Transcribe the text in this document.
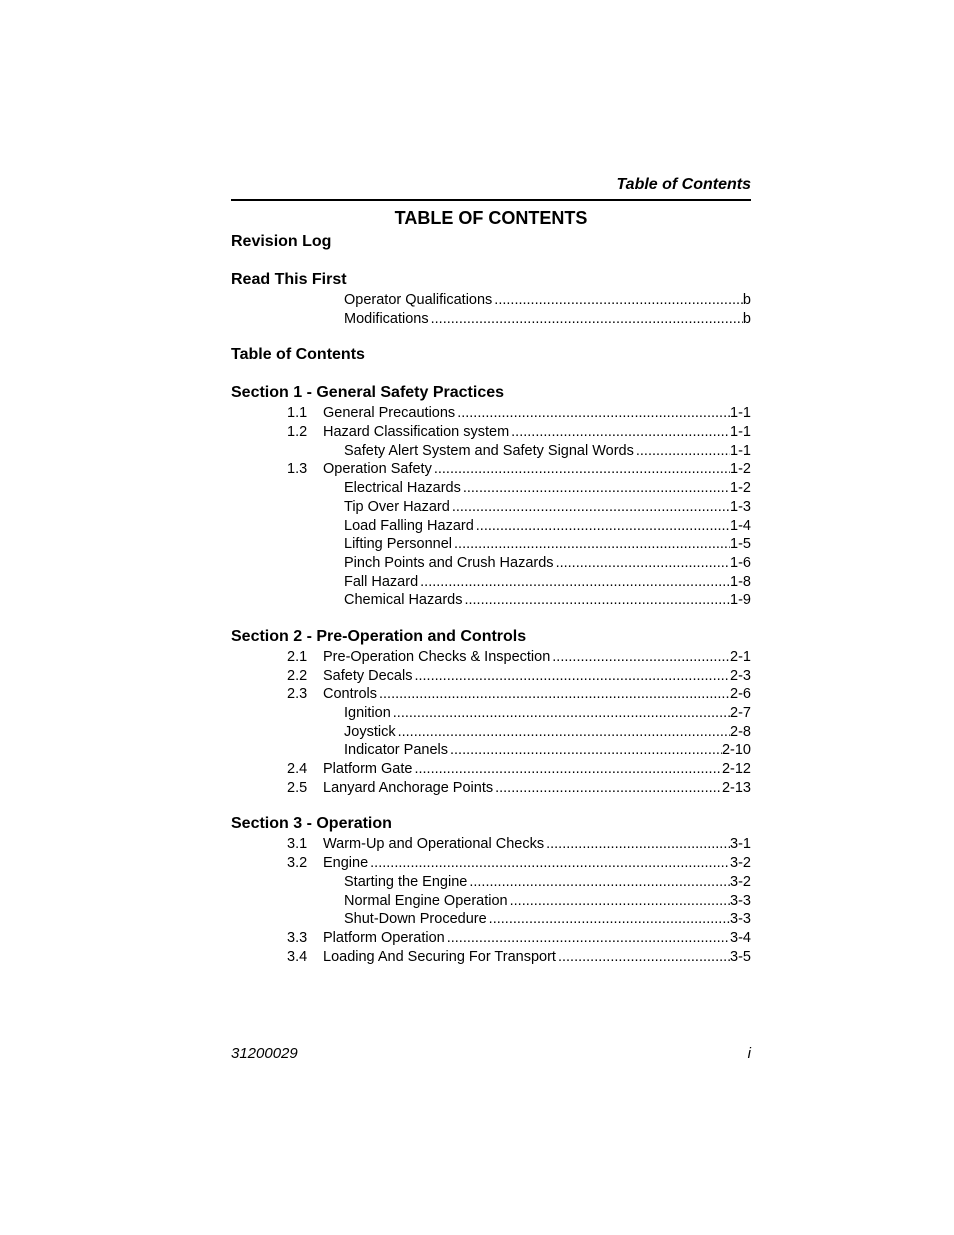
Table of Contents
TABLE OF CONTENTS
Revision Log
Read This First
Operator Qualifications .....	b
Modifications .....	b
Table of Contents
Section 1 - General Safety Practices
1.1 General Precautions .....	1-1
1.2 Hazard Classification system .....	1-1
Safety Alert System and Safety Signal Words .....	1-1
1.3 Operation Safety .....	1-2
Electrical Hazards .....	1-2
Tip Over Hazard .....	1-3
Load Falling Hazard .....	1-4
Lifting Personnel .....	1-5
Pinch Points and Crush Hazards .....	1-6
Fall Hazard .....	1-8
Chemical Hazards .....	1-9
Section 2 - Pre-Operation and Controls
2.1 Pre-Operation Checks & Inspection .....	2-1
2.2 Safety Decals .....	2-3
2.3 Controls .....	2-6
Ignition .....	2-7
Joystick .....	2-8
Indicator Panels .....	2-10
2.4 Platform Gate .....	2-12
2.5 Lanyard Anchorage Points .....	2-13
Section 3 - Operation
3.1 Warm-Up and Operational Checks .....	3-1
3.2 Engine .....	3-2
Starting the Engine .....	3-2
Normal Engine Operation .....	3-3
Shut-Down Procedure .....	3-3
3.3 Platform Operation .....	3-4
3.4 Loading And Securing For Transport .....	3-5
31200029	i
